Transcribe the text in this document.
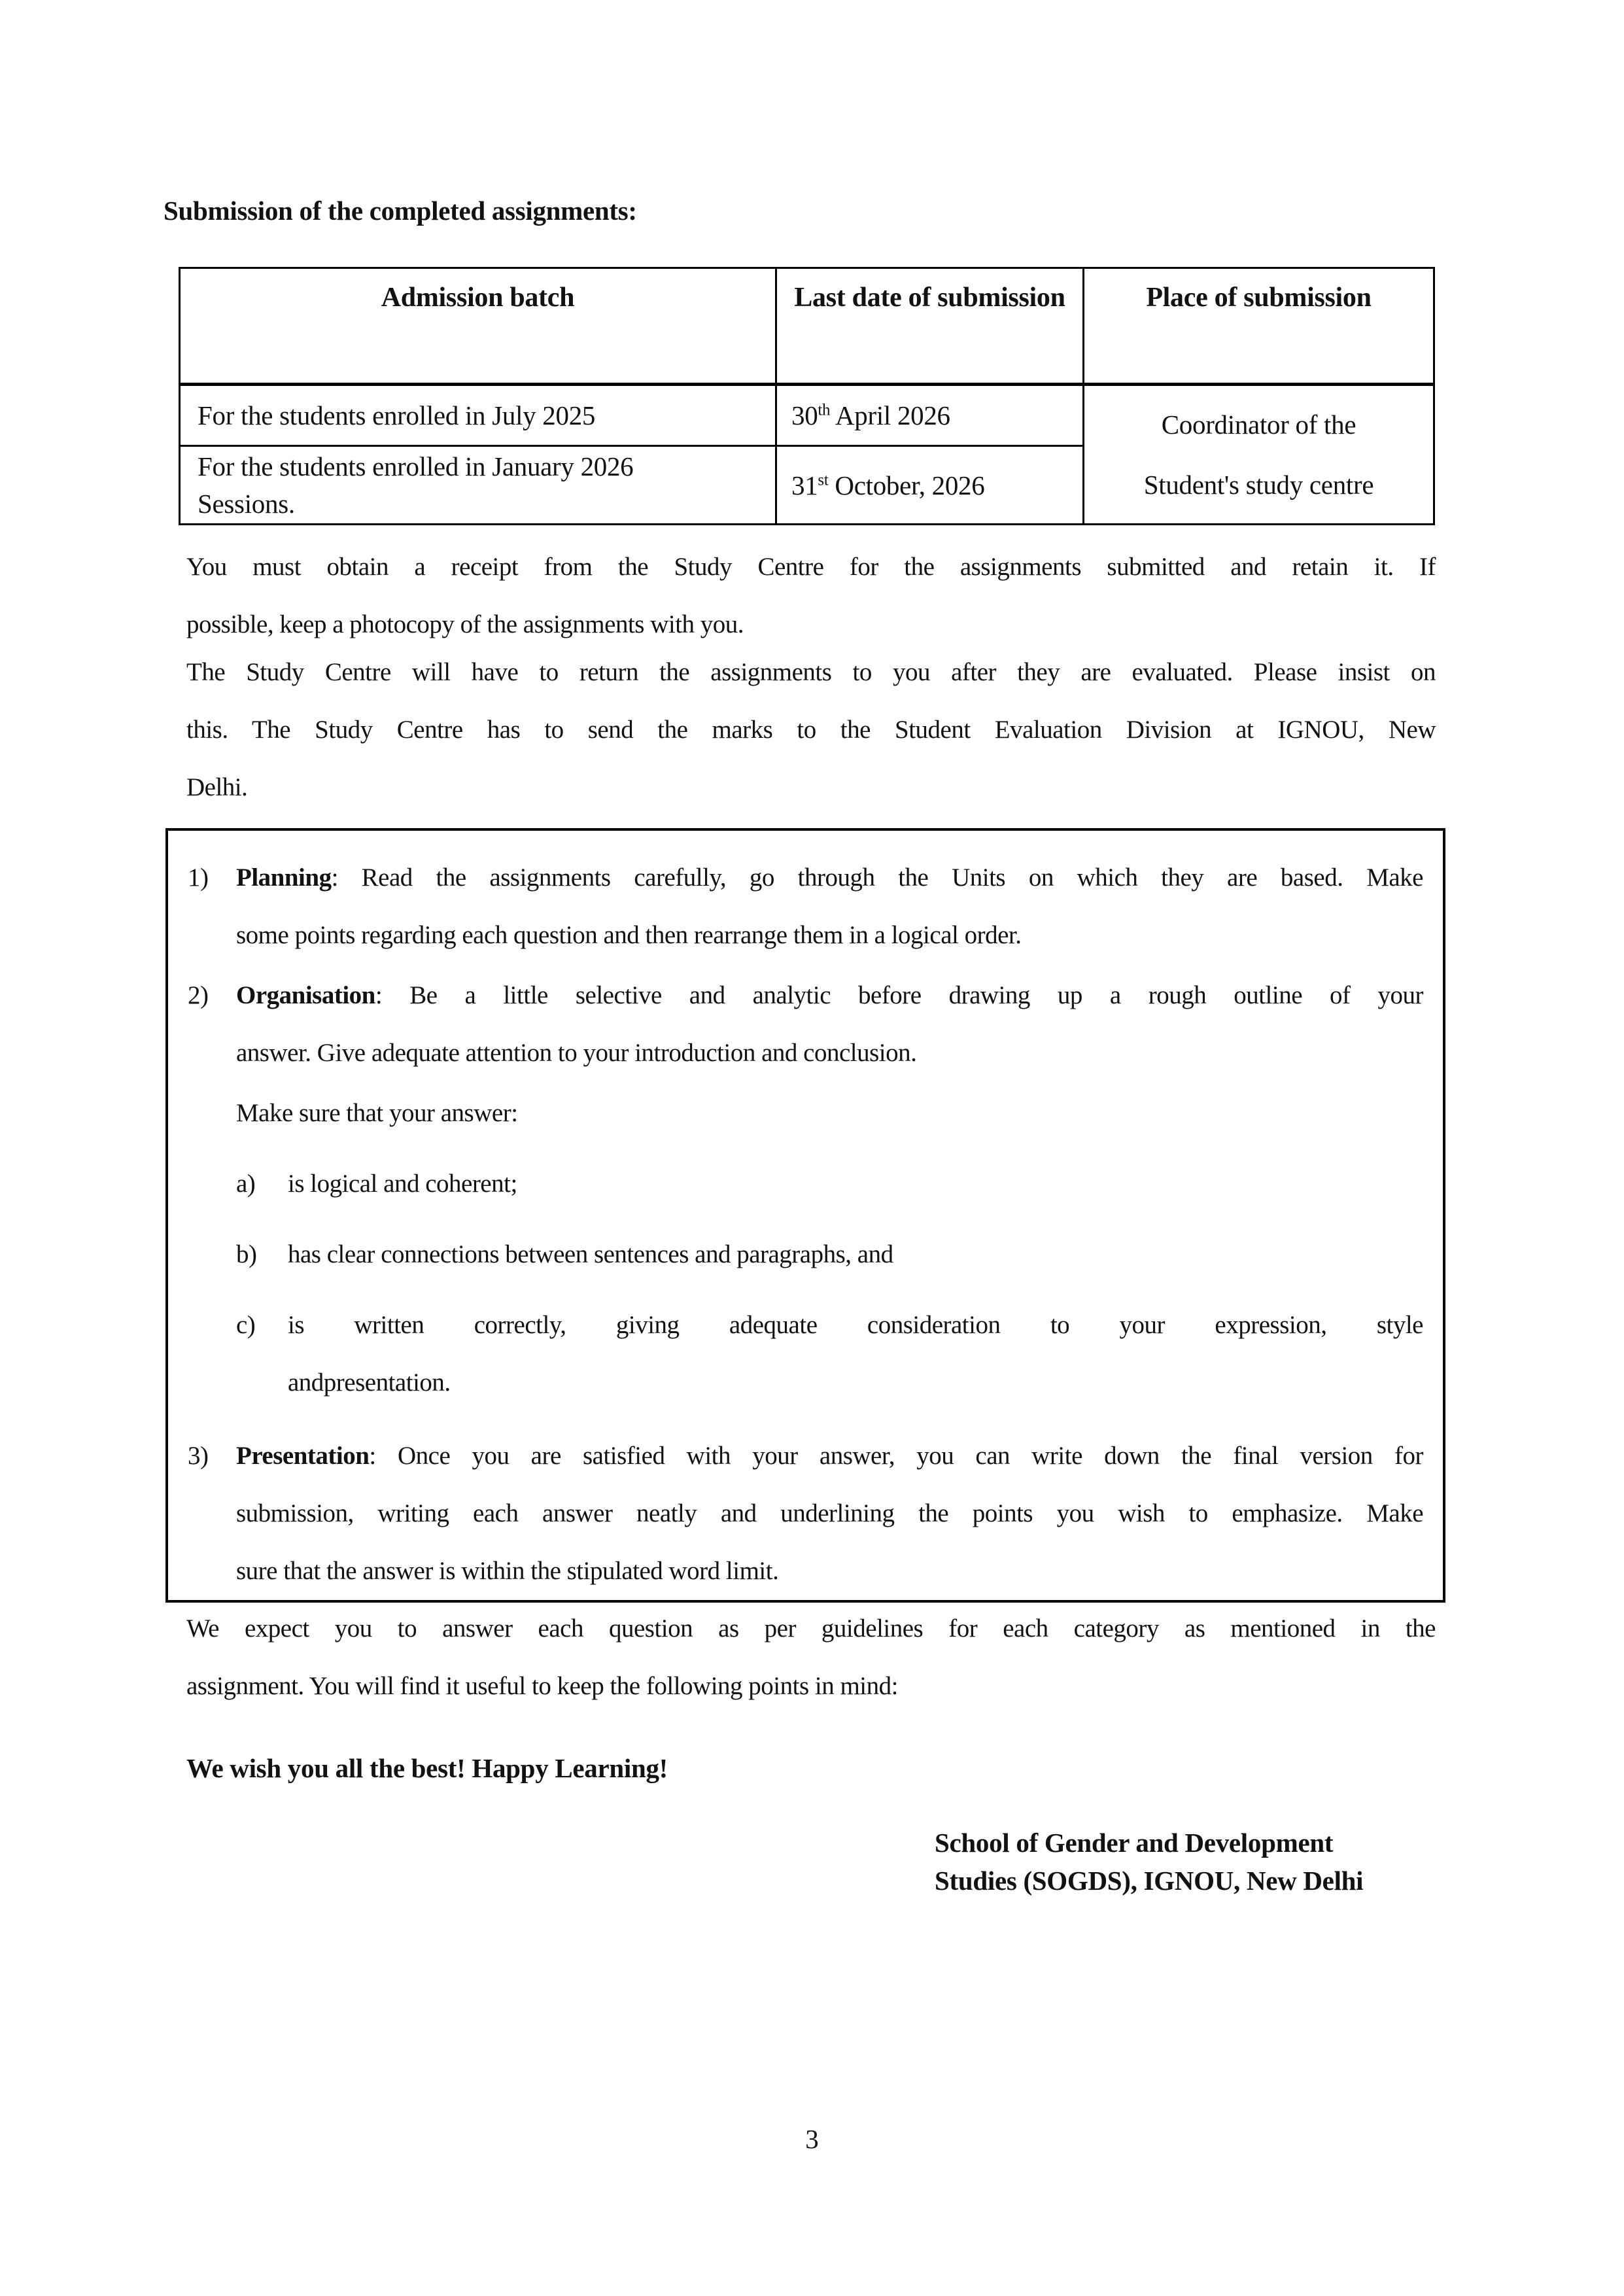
Submission of the completed assignments:
Admission batch	Last date of submission	Place of submission

For the students enrolled in July 2025	30th April 2026	Coordinator of the
Student's study centre

For the students enrolled in January 2026
Sessions.	31st October, 2026	
You must obtain a receipt from the Study Centre for the assignments submitted and retain it. If
possible, keep a photocopy of the assignments with you.
The Study Centre will have to return the assignments to you after they are evaluated. Please insist on
this. The Study Centre has to send the marks to the Student Evaluation Division at IGNOU, New
Delhi.
1)	Planning: Read the assignments carefully, go through the Units on which they are based. Make
some points regarding each question and then rearrange them in a logical order.
2)	Organisation: Be a little selective and analytic before drawing up a rough outline of your
answer. Give adequate attention to your introduction and conclusion.
Make sure that your answer:
a)	is logical and coherent;
b)	has clear connections between sentences and paragraphs, and
c)	is written correctly, giving adequate consideration to your expression, style
andpresentation.
3)	Presentation: Once you are satisfied with your answer, you can write down the final version for
submission, writing each answer neatly and underlining the points you wish to emphasize. Make
sure that the answer is within the stipulated word limit.
We expect you to answer each question as per guidelines for each category as mentioned in the
assignment. You will find it useful to keep the following points in mind:
We wish you all the best! Happy Learning!
School of Gender and Development
Studies (SOGDS), IGNOU, New Delhi
3
